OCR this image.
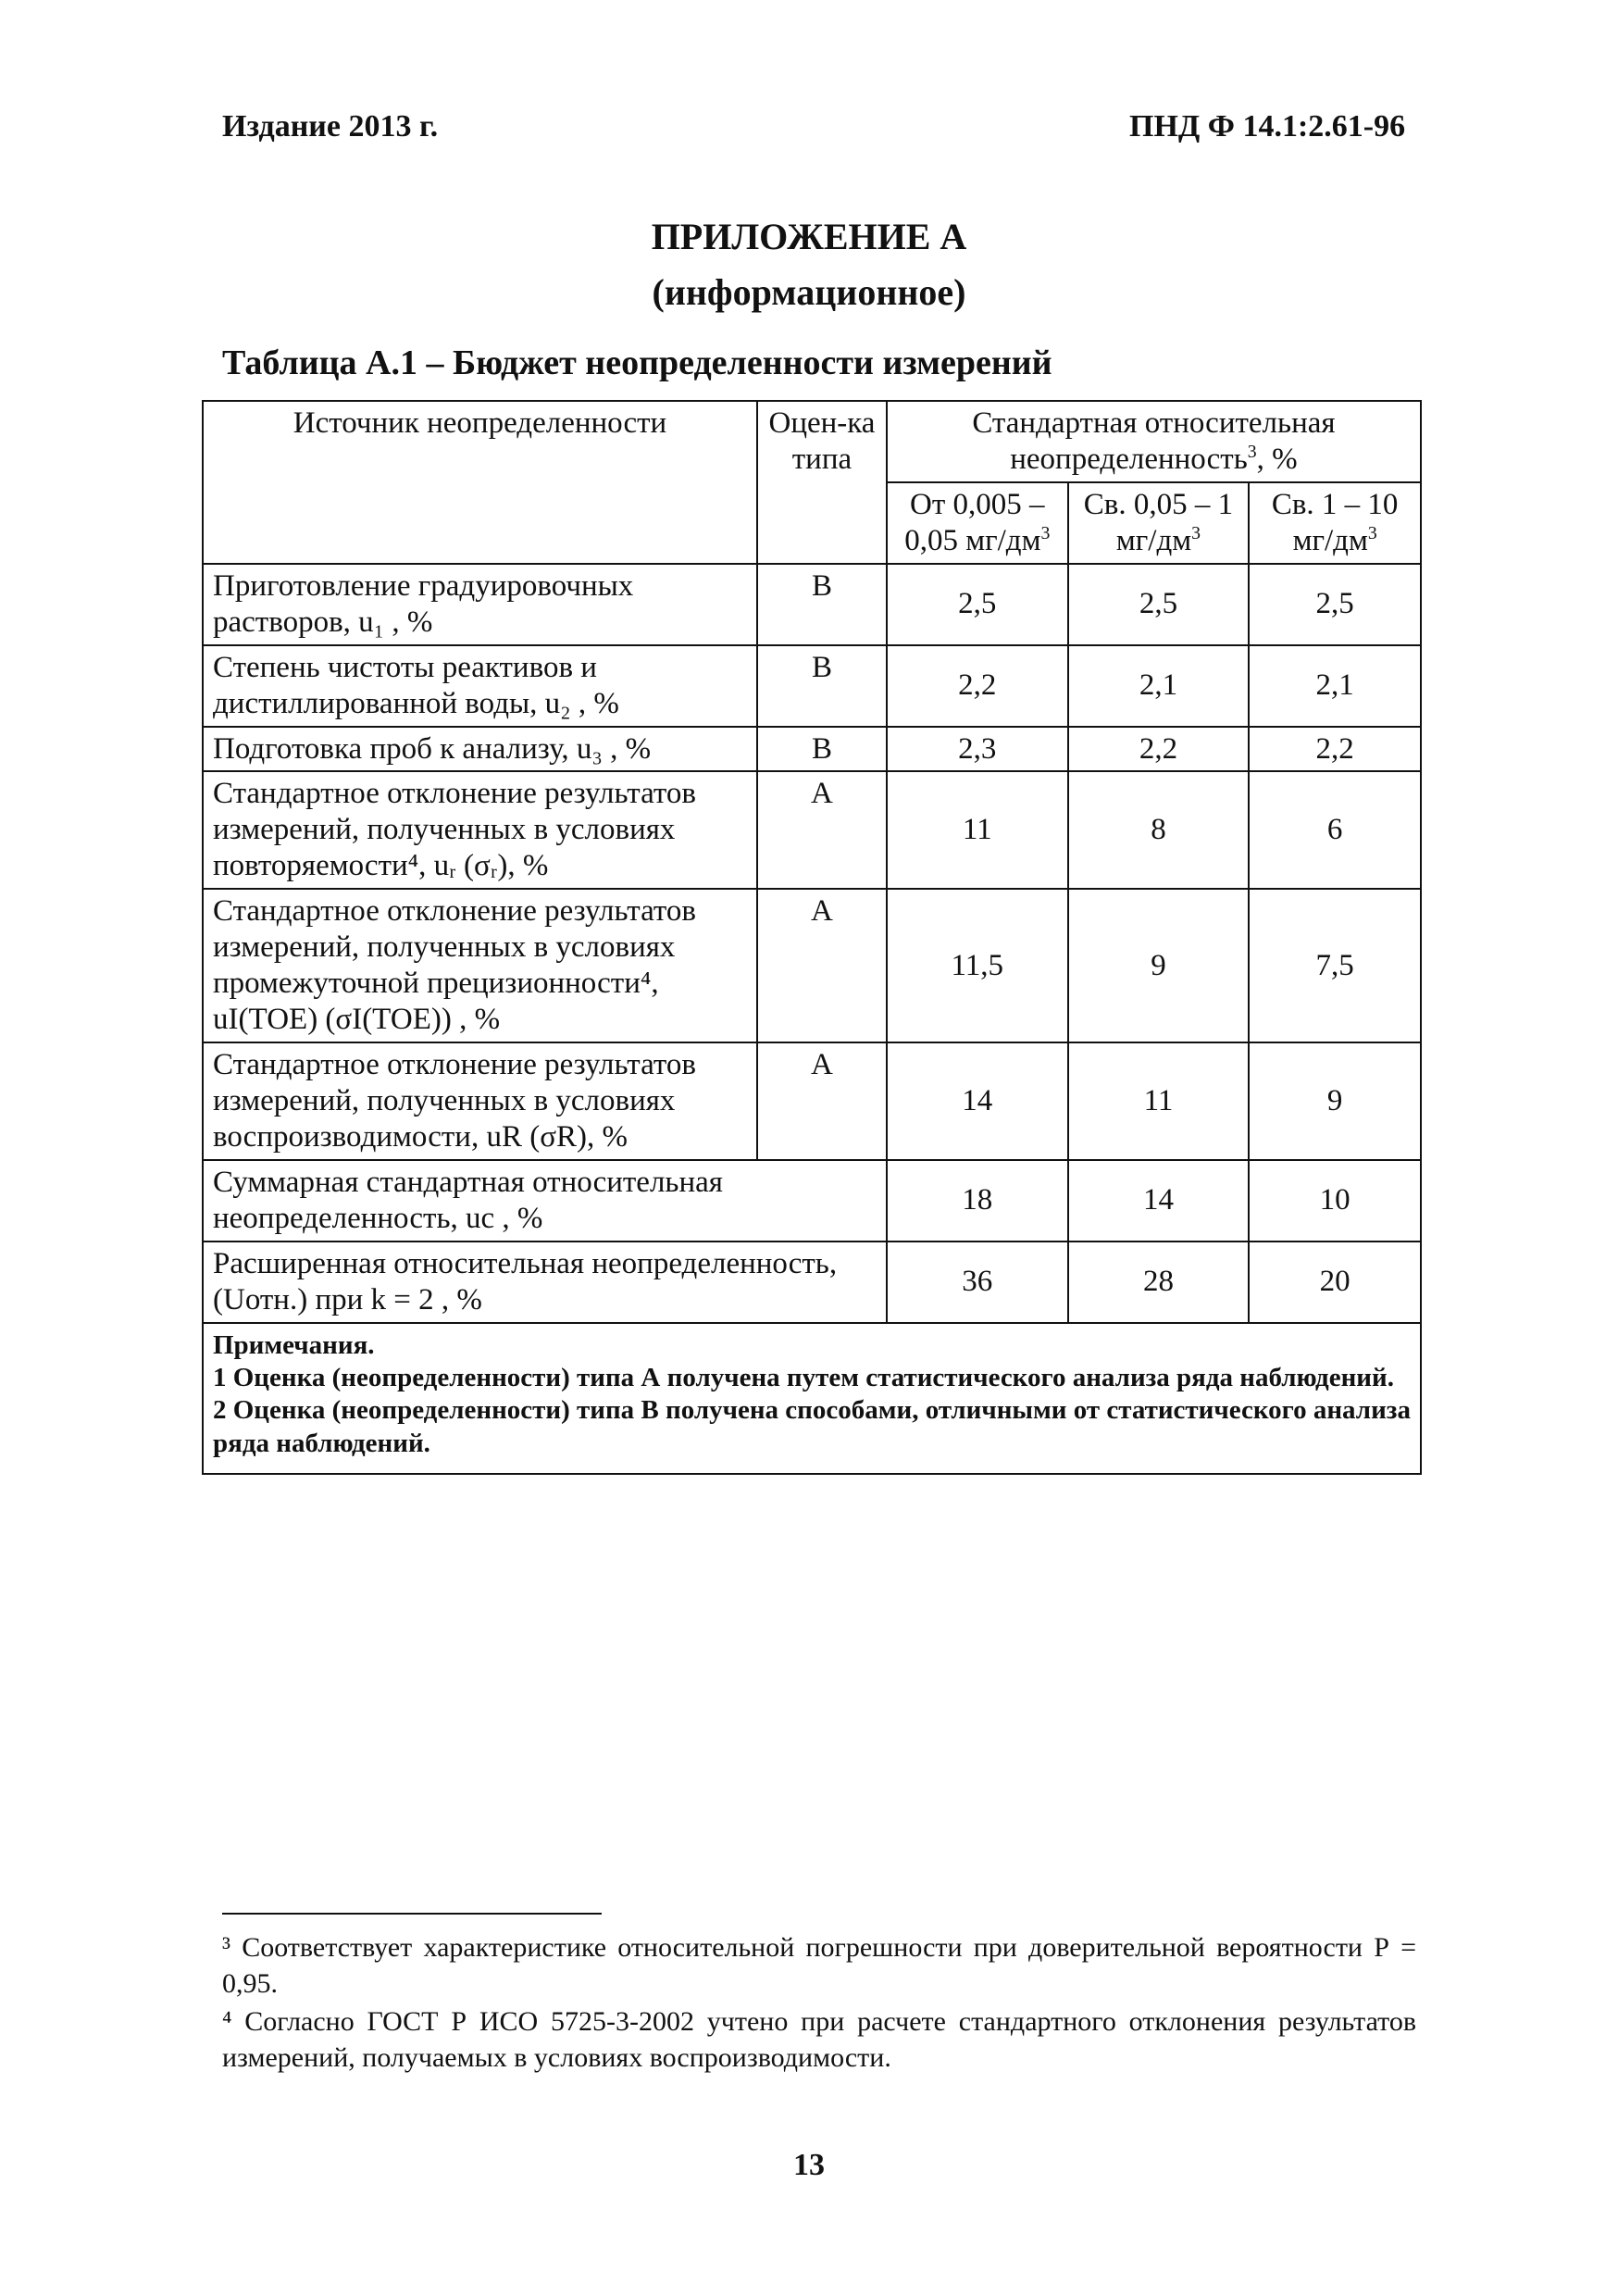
Издание 2013 г.	ПНД Ф 14.1:2.61-96
ПРИЛОЖЕНИЕ А
(информационное)
Таблица А.1 – Бюджет неопределенности измерений
Источник неопределенности	Оцен-ка типа	Стандартная относительная неопределенность$^3$, %		
		От 0,005 – 0,05 $мг/дм^3$	Св. 0,05 – 1 $мг/дм^3$	Св. 1 – 10 $мг/дм^3$
Приготовление градуировочных растворов, u₁ , %	В	2,5	2,5	2,5
Степень чистоты реактивов и дистиллированной воды, u₂ , %	В	2,2	2,1	2,1
Подготовка проб к анализу, u₃ , %	В	2,3	2,2	2,2
Стандартное отклонение результатов измерений, полученных в условиях повторяемости⁴, uᵣ (σᵣ), %	А	11	8	6
Стандартное отклонение результатов измерений, полученных в условиях промежуточной прецизионности⁴, uI(ТОЕ) (σI(ТОЕ)) , %	А	11,5	9	7,5
Стандартное отклонение результатов измерений, полученных в условиях воспроизводимости, uR (σR), %	А	14	11	9
Суммарная стандартная относительная неопределенность, uc , %		18	14	10
Расширенная относительная неопределенность, (Uотн.) при k = 2 , %		36	28	20

Примечания.
1 Оценка (неопределенности) типа А получена путем статистического анализа ряда наблюдений.
2 Оценка (неопределенности) типа В получена способами, отличными от статистического анализа ряда наблюдений.				
³ Соответствует характеристике относительной погрешности при доверительной вероятности Р = 0,95.
⁴ Согласно ГОСТ Р ИСО 5725-3-2002 учтено при расчете стандартного отклонения результатов измерений, получаемых в условиях воспроизводимости.
13
